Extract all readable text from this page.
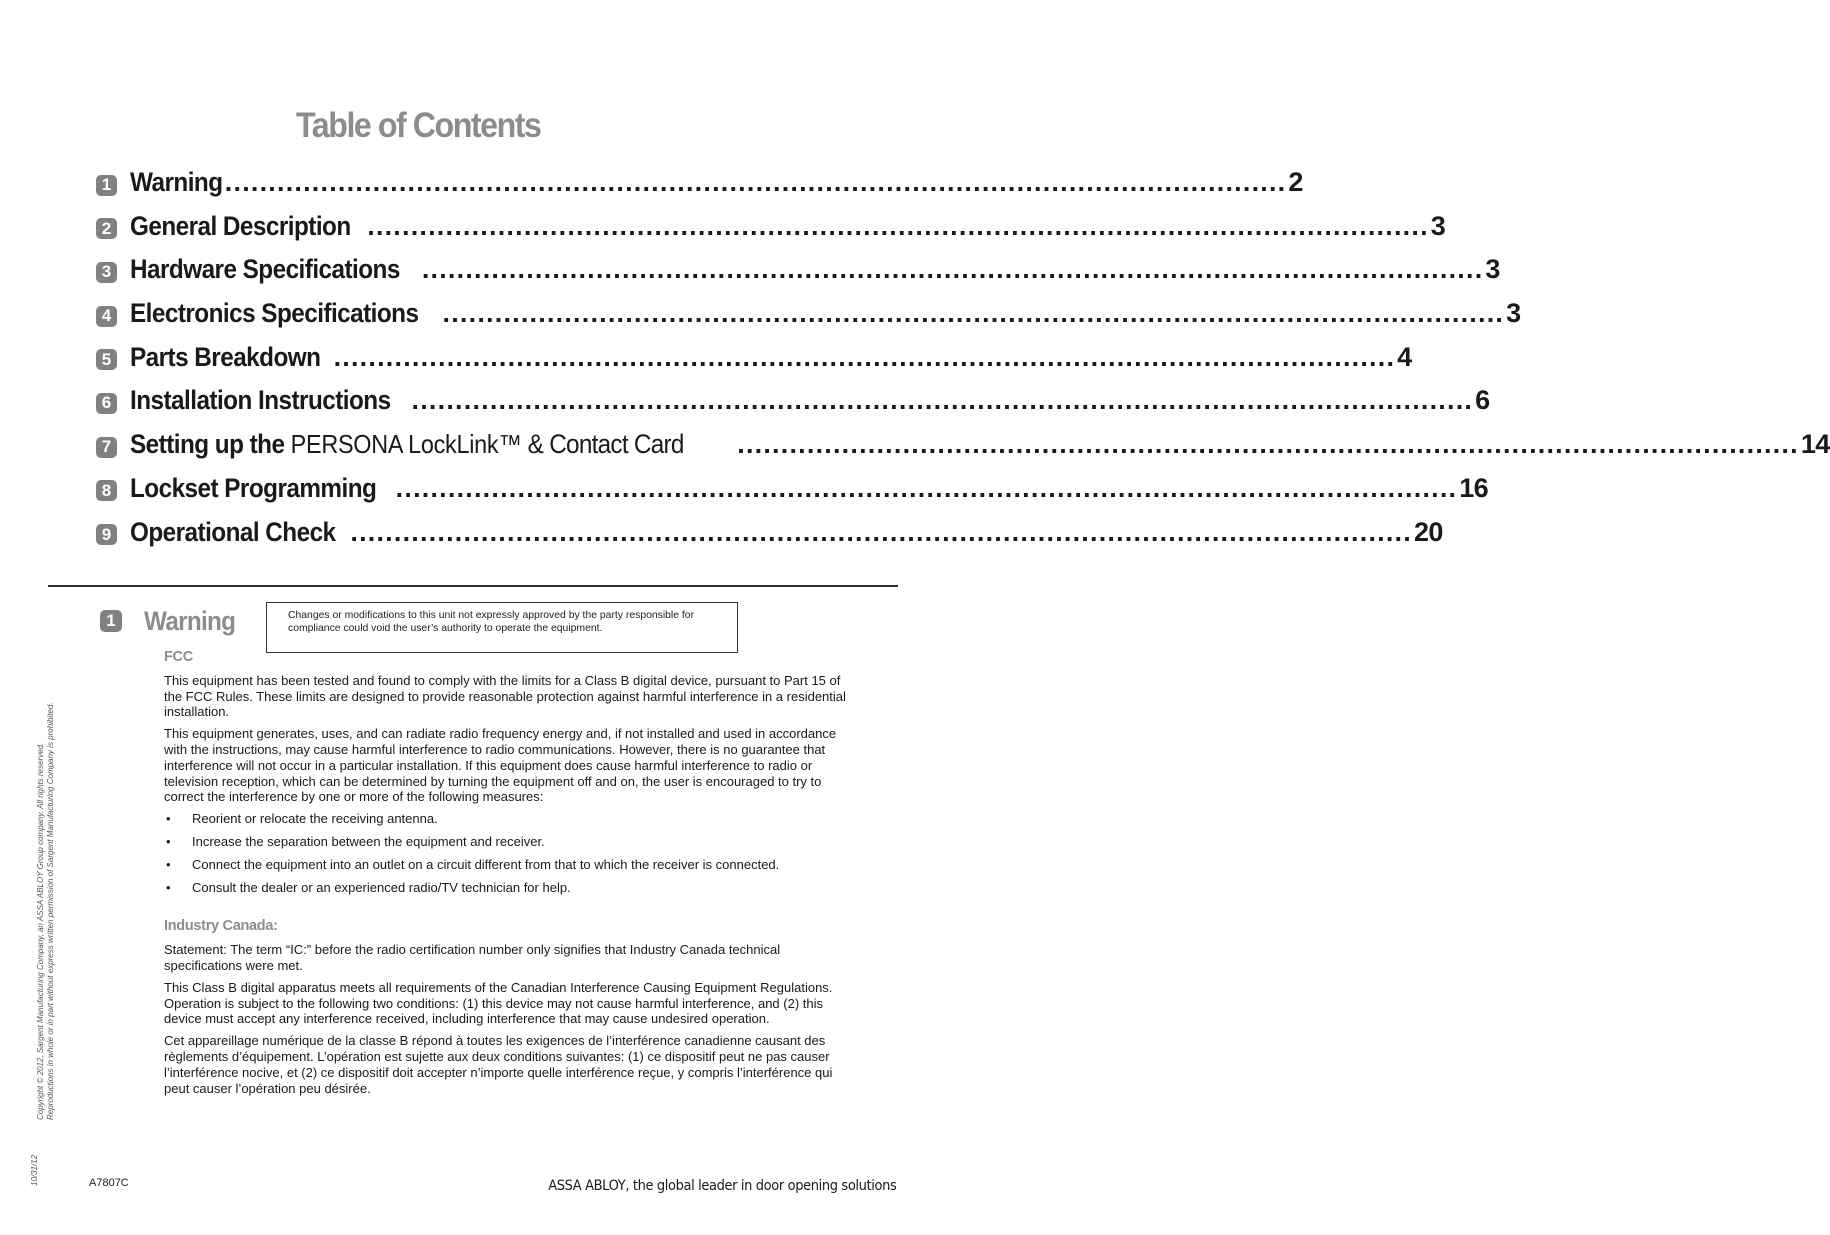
Table of Contents
1 Warning .......................................................................................................................... 2
2 General Description .......................................................................................................................... 3
3 Hardware Specifications .......................................................................................................................... 3
4 Electronics Specifications .......................................................................................................................... 3
5 Parts Breakdown .......................................................................................................................... 4
6 Installation Instructions .......................................................................................................................... 6
7 Setting up the PERSONA LockLink™ & Contact Card .......................................................................................................................... 14
8 Lockset Programming .......................................................................................................................... 16
9 Operational Check .......................................................................................................................... 20
1 Warning	Changes or modifications to this unit not expressly approved by the party responsible for compliance could void the user’s authority to operate the equipment.
FCC

This equipment has been tested and found to comply with the limits for a Class B digital device, pursuant to Part 15 of the FCC Rules. These limits are designed to provide reasonable protection against harmful interference in a residential installation.

This equipment generates, uses, and can radiate radio frequency energy and, if not installed and used in accordance with the instructions, may cause harmful interference to radio communications. However, there is no guarantee that interference will not occur in a particular installation. If this equipment does cause harmful interference to radio or television reception, which can be determined by turning the equipment off and on, the user is encouraged to try to correct the interference by one or more of the following measures:

• Reorient or relocate the receiving antenna.
• Increase the separation between the equipment and receiver.
• Connect the equipment into an outlet on a circuit different from that to which the receiver is connected.
• Consult the dealer or an experienced radio/TV technician for help.
Industry Canada:

Statement: The term “IC:” before the radio certification number only signifies that Industry Canada technical specifications were met.

This Class B digital apparatus meets all requirements of the Canadian Interference Causing Equipment Regulations. Operation is subject to the following two conditions: (1) this device may not cause harmful interference, and (2) this device must accept any interference received, including interference that may cause undesired operation.

Cet appareillage numérique de la classe B répond à toutes les exigences de l’interférence canadienne causant des règlements d’équipement. L’opération est sujette aux deux conditions suivantes: (1) ce dispositif peut ne pas causer l’interférence nocive, et (2) ce dispositif doit accepter n’importe quelle interférence reçue, y compris l’interférence qui peut causer l’opération peu désirée.

Copyright © 2012, Sargent Manufacturing Company, an ASSA ABLOY Group company. All rights reserved. Reproductions in whole or in part without express written permission of Sargent Manufacturing Company is prohibited.
10/31/12	A7807C	ASSA ABLOY, the global leader in door opening solutions
